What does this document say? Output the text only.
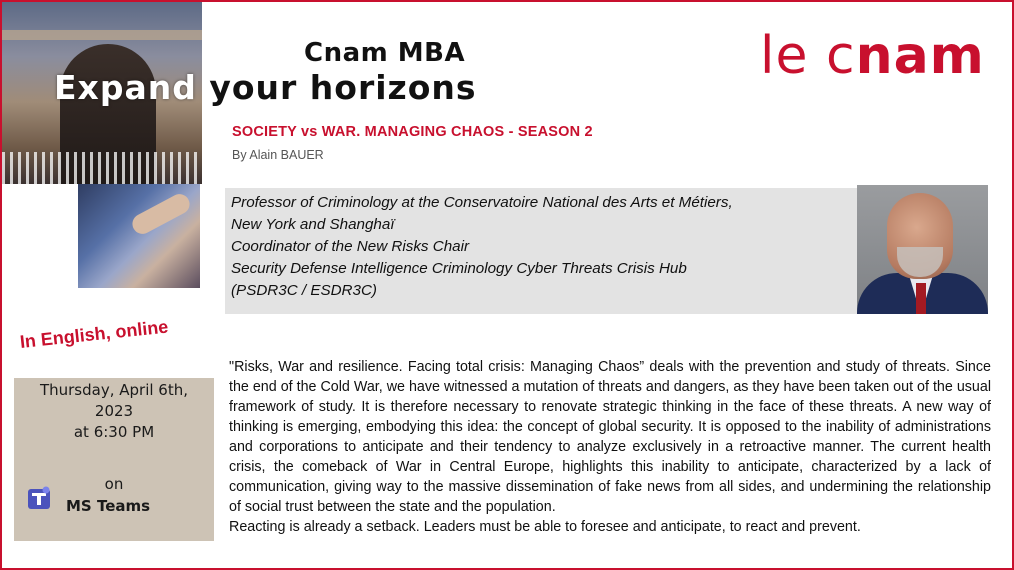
Cnam MBA
Expand your horizons
le cnam
SOCIETY vs WAR. MANAGING CHAOS - SEASON 2
By Alain BAUER
Professor of Criminology at the Conservatoire National des Arts et Métiers,
New York and Shanghaï
Coordinator of the New Risks Chair
Security Defense Intelligence Criminology Cyber Threats Crisis Hub
(PSDR3C / ESDR3C)
In English, online
Thursday, April 6th,
2023
at 6:30 PM
on
MS Teams

"Risks, War and resilience. Facing total crisis: Managing Chaos” deals with the prevention and study of threats. Since the end of the Cold War, we have witnessed a mutation of threats and dangers, as they have been taken out of the usual framework of study. It is therefore necessary to renovate strategic thinking in the face of these threats. A new way of thinking is emerging, embodying this idea: the concept of global security. It is opposed to the inability of administrations and corporations to anticipate and their tendency to analyze exclusively in a retroactive manner. The current health crisis, the comeback of War in Central Europe, highlights this inability to anticipate, characterized by a lack of communication, giving way to the massive dissemination of fake news from all sides, and undermining the relationship of social trust between the state and the population.

Reacting is already a setback. Leaders must be able to foresee and anticipate, to react and prevent.
